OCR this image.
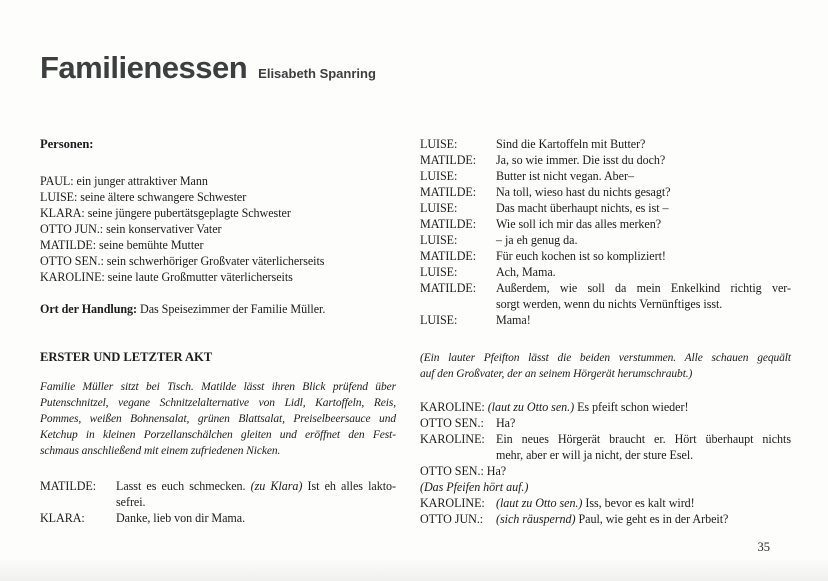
Familienessen Elisabeth Spanring
Personen:
PAUL: ein junger attraktiver Mann
LUISE: seine ältere schwangere Schwester
KLARA: seine jüngere pubertätsgeplagte Schwester
OTTO JUN.: sein konservativer Vater
MATILDE: seine bemühte Mutter
OTTO SEN.: sein schwerhöriger Großvater väterlicherseits
KAROLINE: seine laute Großmutter väterlicherseits
Ort der Handlung: Das Speisezimmer der Familie Müller.
ERSTER UND LETZTER AKT
Familie Müller sitzt bei Tisch. Matilde lässt ihren Blick prüfend über
Putenschnitzel, vegane Schnitzelalternative von Lidl, Kartoffeln, Reis,
Pommes, weißen Bohnensalat, grünen Blattsalat, Preiselbeersauce und
Ketchup in kleinen Porzellanschälchen gleiten und eröffnet den Fest-
schmaus anschließend mit einem zufriedenen Nicken.
MATILDE:	Lasst es euch schmecken. (zu Klara) Ist eh alles lakto-
sefrei.
KLARA:	Danke, lieb von dir Mama.
LUISE:	Sind die Kartoffeln mit Butter?
MATILDE:	Ja, so wie immer. Die isst du doch?
LUISE:	Butter ist nicht vegan. Aber–
MATILDE:	Na toll, wieso hast du nichts gesagt?
LUISE:	Das macht überhaupt nichts, es ist –
MATILDE:	Wie soll ich mir das alles merken?
LUISE:	– ja eh genug da.
MATILDE:	Für euch kochen ist so kompliziert!
LUISE:	Ach, Mama.
MATILDE:	Außerdem, wie soll da mein Enkelkind richtig ver-
sorgt werden, wenn du nichts Vernünftiges isst.
LUISE:	Mama!
(Ein lauter Pfeifton lässt die beiden verstummen. Alle schauen gequält
auf den Großvater, der an seinem Hörgerät herumschraubt.)
KAROLINE: (laut zu Otto sen.) Es pfeift schon wieder!
OTTO SEN.:	Ha?
KAROLINE: Ein neues Hörgerät braucht er. Hört überhaupt nichts
mehr, aber er will ja nicht, der sture Esel.
OTTO SEN.: Ha?
(Das Pfeifen hört auf.)
KAROLINE: (laut zu Otto sen.) Iss, bevor es kalt wird!
OTTO JUN.:	(sich räuspernd) Paul, wie geht es in der Arbeit?
35
